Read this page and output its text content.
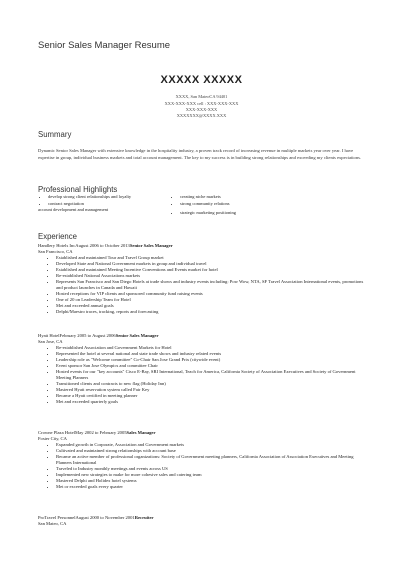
Senior Sales Manager Resume
XXXXX XXXXX
XXXX, San MateoCA 94401
XXX-XXX-XXX cell : XXX-XXX-XXX
XXX-XXX-XXX
XXXXXXX@XXXX.XXX
Summary
Dynamic Senior Sales Manager with extensive knowledge in the hospitality industry, a proven track record of increasing revenue in multiple markets year over year. I have expertise in group, individual business markets and total account management. The key to my success is in building strong relationships and exceeding my clients expectations.
Professional Highlights
• develop strong client relationships and loyalty
• contract negotiation
account development and management
• creating niche markets
• strong community relations
• strategic marketing positioning
Experience
Handlery Hotels IncAugust 2006 to October 2013Senior Sales Manager
San Francisco, CA
• Established and maintained Tour and Travel Group market
• Developed State and National Government markets in group and individual travel
• Established and maintained Meeting Incentive Conventions and Events market for hotel
• Re-established National Associations markets
• Represents San Francisco and San Diego Hotels at trade shows and industry events including: Pow Wow, NTA, SF Travel Association International events, promotions and product launches in Canada and Hawaii
• Hosted receptions for VIP clients and sponsored community fund raising events
• One of 20 on Leadership Team for Hotel
• Met and exceeded annual goals
• Delphi/Maestro traces, tracking, reports and forecasting
Hyatt HotelFebruary 2005 to August 2006Senior Sales Manager
San Jose, CA
• Re-established Association and Government Markets for Hotel
• Represented the hotel at several national and state trade shows and industry related events
• Leadership role as "Welcome committee" Co-Chair San Jose Grand Prix (citywide event)
• Event sponsor San Jose Olympics and committee Chair
• Hosted events for our "key accounts" Cisco E-Bay, SRI International, Teach for America, California Society of Association Executives and Society of Government Meeting Planners
• Transitioned clients and contracts to new flag (Holiday Inn)
• Mastered Hyatt reservation system called Fair Key
• Became a Hyatt certified in meeting planner
• Met and exceeded quarterly goals
Crowne Plaza HotelMay 2002 to February 2005Sales Manager
Foster City, CA
• Expanded growth in Corporate, Association and Government markets
• Cultivated and maintained strong relationships with account base
• Became an active member of professional organizations: Society of Government meeting planners, California Association of Association Executives and Meeting Planners International
• Traveled to Industry monthly meetings and events across US
• Implemented new strategies to make for more cohesive sales and catering team
• Mastered Delphi and Holidex hotel systems
• Met or exceeded goals every quarter
ProTravel PersonnelAugust 2000 to November 2001Recruiter
San Mateo, CA
